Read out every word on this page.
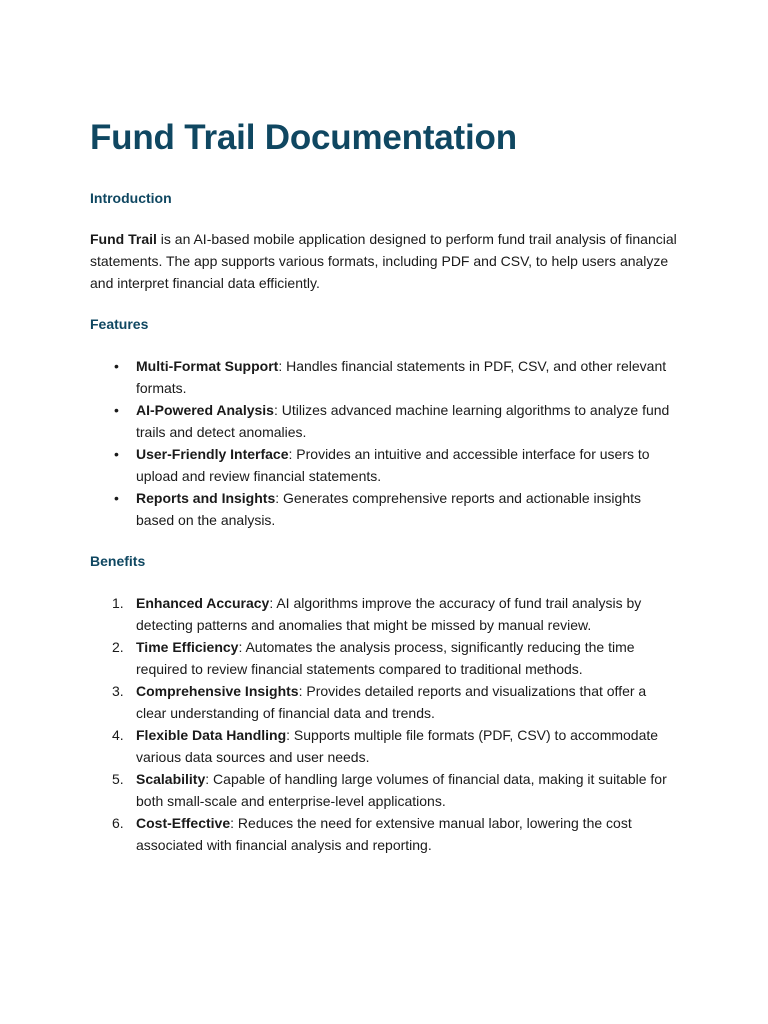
Fund Trail Documentation
Introduction

Fund Trail is an AI-based mobile application designed to perform fund trail analysis of financial statements. The app supports various formats, including PDF and CSV, to help users analyze and interpret financial data efficiently.

Features
• Multi-Format Support: Handles financial statements in PDF, CSV, and other relevant formats.
• AI-Powered Analysis: Utilizes advanced machine learning algorithms to analyze fund trails and detect anomalies.
• User-Friendly Interface: Provides an intuitive and accessible interface for users to upload and review financial statements.
• Reports and Insights: Generates comprehensive reports and actionable insights based on the analysis.
Benefits
1. Enhanced Accuracy: AI algorithms improve the accuracy of fund trail analysis by detecting patterns and anomalies that might be missed by manual review.
2. Time Efficiency: Automates the analysis process, significantly reducing the time required to review financial statements compared to traditional methods.
3. Comprehensive Insights: Provides detailed reports and visualizations that offer a clear understanding of financial data and trends.
4. Flexible Data Handling: Supports multiple file formats (PDF, CSV) to accommodate various data sources and user needs.
5. Scalability: Capable of handling large volumes of financial data, making it suitable for both small-scale and enterprise-level applications.
6. Cost-Effective: Reduces the need for extensive manual labor, lowering the cost associated with financial analysis and reporting.
